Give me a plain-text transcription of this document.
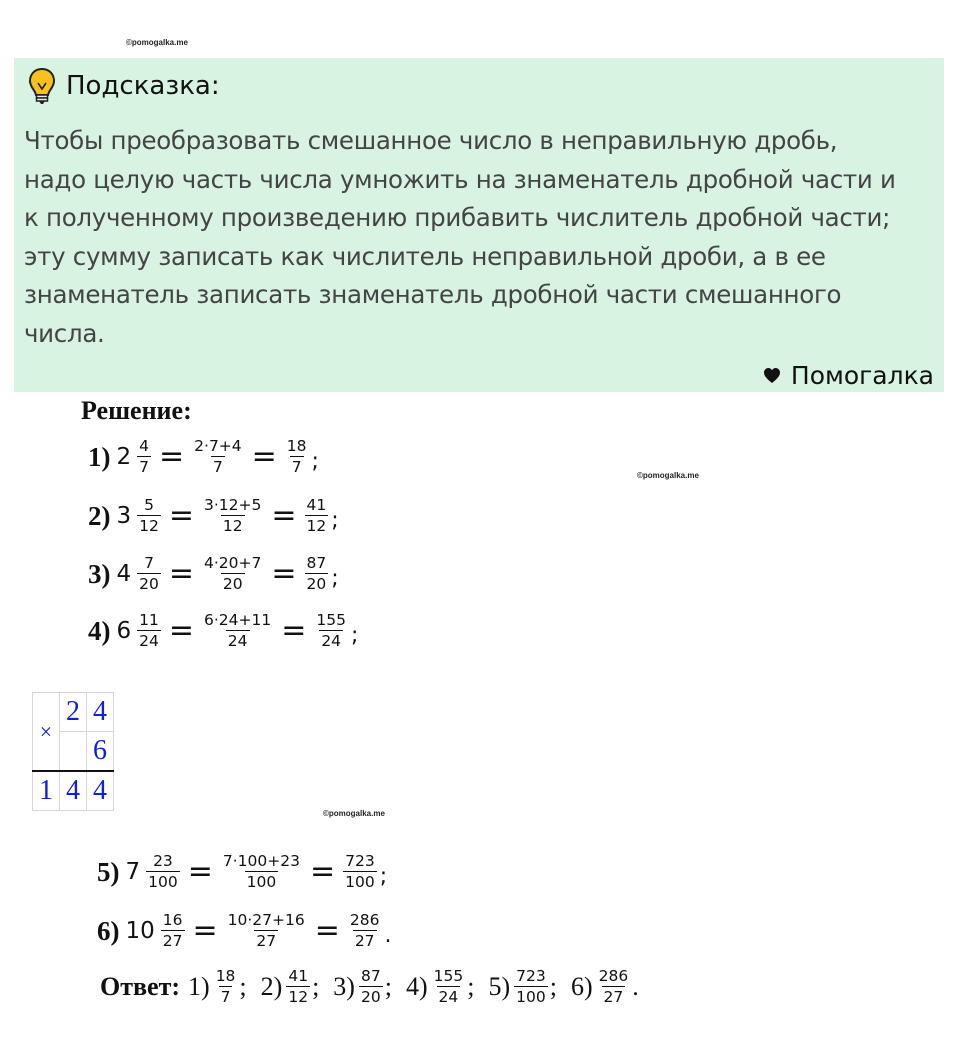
©pomogalka.me
©pomogalka.me
©pomogalka.me
Подсказка:
Чтобы преобразовать смешанное число в неправильную дробь,
надо целую часть числа умножить на знаменатель дробной части и
к полученному произведению прибавить числитель дробной части;
эту сумму записать как числитель неправильной дроби, а в ее
знаменатель записать знаменатель дробной части смешанного
числа.
Помогалка
Решение:
1) $2 \frac{4}{7} = \frac{2\cdot 7+4}{7} = \frac{18}{7}$ ;
2) $3 \frac{5}{12} = \frac{3\cdot 12+5}{12} = \frac{41}{12}$ ;
3) $4 \frac{7}{20} = \frac{4\cdot 20+7}{20} = \frac{87}{20}$ ;
4) $6 \frac{11}{24} = \frac{6\cdot 24+11}{24} = \frac{155}{24}$ ;
×	2	4
		6
1	4	4
5) $7 \frac{23}{100} = \frac{7\cdot 100+23}{100} = \frac{723}{100}$ ;
6) $10 \frac{16}{27} = \frac{10\cdot 27+16}{27} = \frac{286}{27}$ .
Ответ: $1) \frac{18}{7}$ ; $2) \frac{41}{12}$ ; $3) \frac{87}{20}$ ; $4) \frac{155}{24}$ ; $5) \frac{723}{100}$ ; $6) \frac{286}{27}$ .
